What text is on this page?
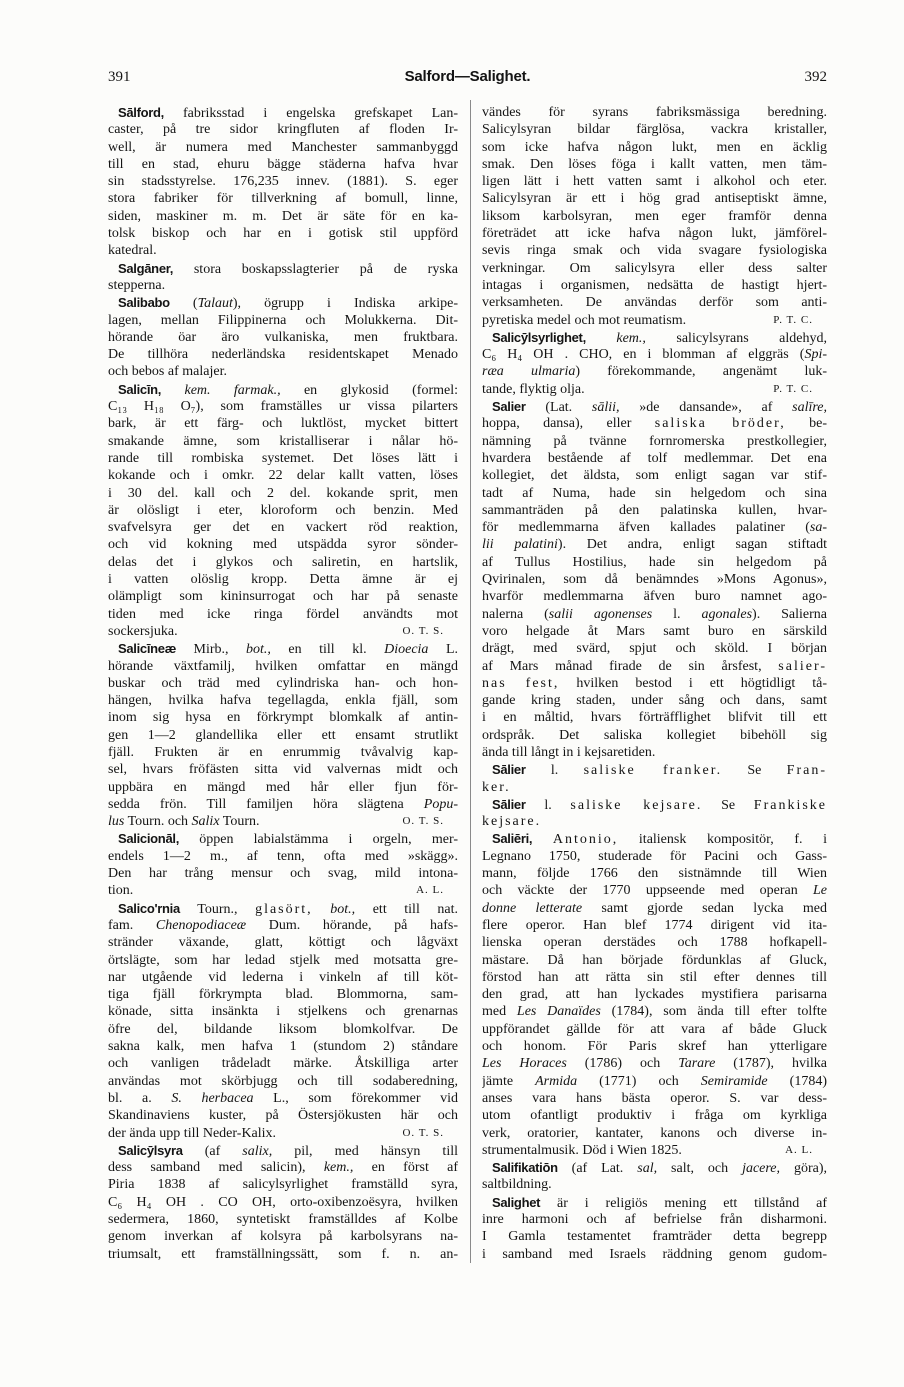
391	Salford—Salighet.	392
Sālford, fabriksstad i engelska grefskapet Lan-
caster, på tre sidor kringfluten af floden Ir-
well, är numera med Manchester sammanbyggd
till en stad, ehuru bägge städerna hafva hvar
sin stadsstyrelse. 176,235 innev. (1881). S. eger
stora fabriker för tillverkning af bomull, linne,
siden, maskiner m. m. Det är säte för en ka-
tolsk biskop och har en i gotisk stil uppförd
katedral.
Salgāner, stora boskapsslagterier på de ryska
stepperna.
Salibabo (Talaut), ögrupp i Indiska arkipe-
lagen, mellan Filippinerna och Molukkerna. Dit-
hörande öar äro vulkaniska, men fruktbara.
De tillhöra nederländska residentskapet Menado
och bebos af malajer.
Salicīn, kem. farmak., en glykosid (formel:
C₁₃ H₁₈ O₇), som framställes ur vissa pilarters
bark, är ett färg- och luktlöst, mycket bittert
smakande ämne, som kristalliserar i nålar hö-
rande till rombiska systemet. Det löses lätt i
kokande och i omkr. 22 delar kallt vatten, löses
i 30 del. kall och 2 del. kokande sprit, men
är olösligt i eter, kloroform och benzin. Med
svafvelsyra ger det en vackert röd reaktion,
och vid kokning med utspädda syror sönder-
delas det i glykos och saliretin, en hartslik,
i vatten olöslig kropp. Detta ämne är ej
olämpligt som kininsurrogat och har på senaste
tiden med icke ringa fördel användts mot
sockersjuka.	O. T. S.
Salicīneæ Mirb., bot., en till kl. Dioecia L.
hörande växtfamilj, hvilken omfattar en mängd
buskar och träd med cylindriska han- och hon-
hängen, hvilka hafva tegellagda, enkla fjäll, som
inom sig hysa en förkrympt blomkalk af antin-
gen 1—2 glandellika eller ett ensamt strutlikt
fjäll. Frukten är en enrummig tvåvalvig kap-
sel, hvars fröfästen sitta vid valvernas midt och
uppbära en mängd med hår eller fjun för-
sedda frön. Till familjen höra slägtena Popu-
lus Tourn. och Salix Tourn.	O. T. S.
Salicionāl, öppen labialstämma i orgeln, mer-
endels 1—2 m., af tenn, ofta med »skägg».
Den har trång mensur och svag, mild intona-
tion.	A. L.
Salico'rnia Tourn., glasört, bot., ett till nat.
fam. Chenopodiaceæ Dum. hörande, på hafs-
stränder växande, glatt, köttigt och lågväxt
örtslägte, som har ledad stjelk med motsatta gre-
nar utgående vid lederna i vinkeln af till köt-
tiga fjäll förkrympta blad. Blommorna, sam-
könade, sitta insänkta i stjelkens och grenarnas
öfre del, bildande liksom blomkolfvar. De
sakna kalk, men hafva 1 (stundom 2) ståndare
och vanligen trådeladt märke. Åtskilliga arter
användas mot skörbjugg och till sodaberedning,
bl. a. S. herbacea L., som förekommer vid
Skandinaviens kuster, på Östersjökusten här och
der ända upp till Neder-Kalix.	O. T. S.
Salicȳlsyra (af salix, pil, med hänsyn till
dess samband med salicin), kem., en först af
Piria 1838 af salicylsyrlighet framställd syra,
C₆ H₄ OH . CO OH, orto-oxibenzoësyra, hvilken
sedermera, 1860, syntetiskt framställdes af Kolbe
genom inverkan af kolsyra på karbolsyrans na-
triumsalt, ett framställningssätt, som f. n. an-
vändes för syrans fabriksmässiga beredning.
Salicylsyran bildar färglösa, vackra kristaller,
som icke hafva någon lukt, men en äcklig
smak. Den löses föga i kallt vatten, men täm-
ligen lätt i hett vatten samt i alkohol och eter.
Salicylsyran är ett i hög grad antiseptiskt ämne,
liksom karbolsyran, men eger framför denna
företrädet att icke hafva någon lukt, jämförel-
sevis ringa smak och vida svagare fysiologiska
verkningar. Om salicylsyra eller dess salter
intagas i organismen, nedsätta de hastigt hjert-
verksamheten. De användas derför som anti-
pyretiska medel och mot reumatism.	P. T. C.
Salicȳlsyrlighet, kem., salicylsyrans aldehyd,
C₆ H₄ OH . CHO, en i blomman af elggräs (Spi-
ræa ulmaria) förekommande, angenämt luk-
tande, flyktig olja.	P. T. C.
Salier (Lat. sālii, »de dansande», af salīre,
hoppa, dansa), eller saliska bröder, be-
nämning på tvänne fornromerska prestkollegier,
hvardera bestående af tolf medlemmar. Det ena
kollegiet, det äldsta, som enligt sagan var stif-
tadt af Numa, hade sin helgedom och sina
sammanträden på den palatinska kullen, hvar-
för medlemmarna äfven kallades palatiner (sa-
lii palatini). Det andra, enligt sagan stiftadt
af Tullus Hostilius, hade sin helgedom på
Qvirinalen, som då benämndes »Mons Agonus»,
hvarför medlemmarna äfven buro namnet ago-
nalerna (salii agonenses l. agonales). Salierna
voro helgade åt Mars samt buro en särskild
drägt, med svärd, spjut och sköld. I början
af Mars månad firade de sin årsfest, salier-
nas fest, hvilken bestod i ett högtidligt tå-
gande kring staden, under sång och dans, samt
i en måltid, hvars förträfflighet blifvit till ett
ordspråk. Det saliska kollegiet bibehöll sig
ända till långt in i kejsaretiden.
Sālier l. saliske franker. Se Fran-
ker.
Sālier l. saliske kejsare. Se Frankiske
kejsare.
Saliēri, Antonio, italiensk kompositör, f. i
Legnano 1750, studerade för Pacini och Gass-
mann, följde 1766 den sistnämnde till Wien
och väckte der 1770 uppseende med operan Le
donne letterate samt gjorde sedan lycka med
flere operor. Han blef 1774 dirigent vid ita-
lienska operan derstädes och 1788 hofkapell-
mästare. Då han började fördunklas af Gluck,
förstod han att rätta sin stil efter dennes till
den grad, att han lyckades mystifiera parisarna
med Les Danaïdes (1784), som ända till efter tolfte
uppförandet gällde för att vara af både Gluck
och honom. För Paris skref han ytterligare
Les Horaces (1786) och Tarare (1787), hvilka
jämte Armida (1771) och Semiramide (1784)
anses vara hans bästa operor. S. var dess-
utom ofantligt produktiv i fråga om kyrkliga
verk, oratorier, kantater, kanons och diverse in-
strumentalmusik. Död i Wien 1825.	A. L.
Salifikatiōn (af Lat. sal, salt, och jacere, göra),
saltbildning.
Salighet är i religiös mening ett tillstånd af
inre harmoni och af befrielse från disharmoni.
I Gamla testamentet framträder detta begrepp
i samband med Israels räddning genom gudom-
